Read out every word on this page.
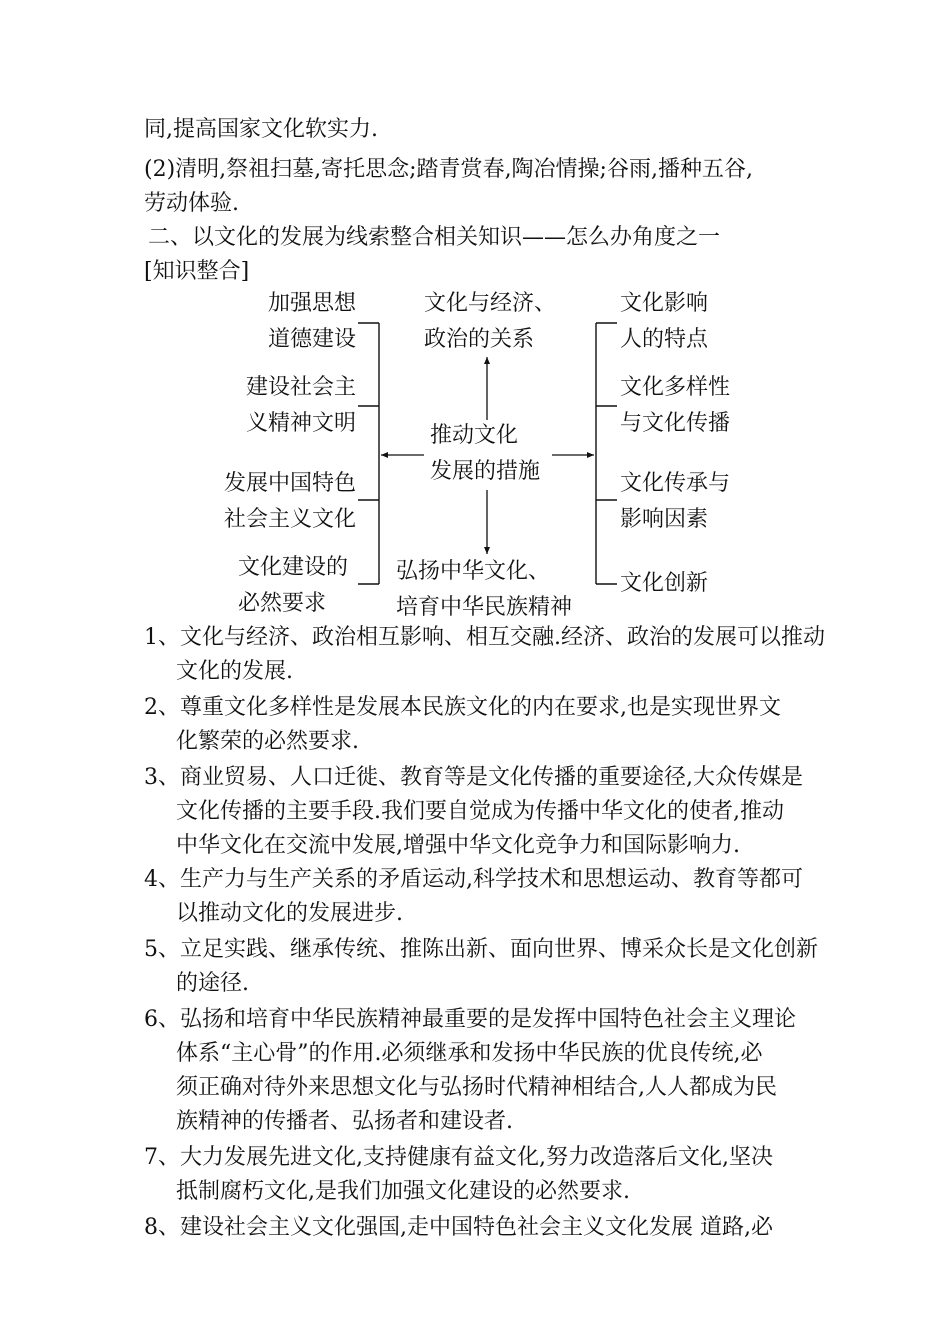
同,提高国家文化软实力.
(2)清明,祭祖扫墓,寄托思念;踏青赏春,陶冶情操;谷雨,播种五谷,
劳动体验.
二、以文化的发展为线索整合相关知识——怎么办角度之一
[知识整合]
文化与经济、
政治的关系
推动文化
发展的措施
弘扬中华文化、
培育中华民族精神
加强思想
道德建设
建设社会主
义精神文明
发展中国特色
社会主义文化
文化建设的
必然要求
文化影响
人的特点
文化多样性
与文化传播
文化传承与
影响因素
文化创新
1、文化与经济、政治相互影响、相互交融.经济、政治的发展可以推动
文化的发展.
2、尊重文化多样性是发展本民族文化的内在要求,也是实现世界文
化繁荣的必然要求.
3、商业贸易、人口迁徙、教育等是文化传播的重要途径,大众传媒是
文化传播的主要手段.我们要自觉成为传播中华文化的使者,推动
中华文化在交流中发展,增强中华文化竞争力和国际影响力.
4、生产力与生产关系的矛盾运动,科学技术和思想运动、教育等都可
以推动文化的发展进步.
5、立足实践、继承传统、推陈出新、面向世界、博采众长是文化创新
的途径.
6、弘扬和培育中华民族精神最重要的是发挥中国特色社会主义理论
体系“主心骨”的作用.必须继承和发扬中华民族的优良传统,必
须正确对待外来思想文化与弘扬时代精神相结合,人人都成为民
族精神的传播者、弘扬者和建设者.
7、大力发展先进文化,支持健康有益文化,努力改造落后文化,坚决
抵制腐朽文化,是我们加强文化建设的必然要求.
8、建设社会主义文化强国,走中国特色社会主义文化发展 道路,必
